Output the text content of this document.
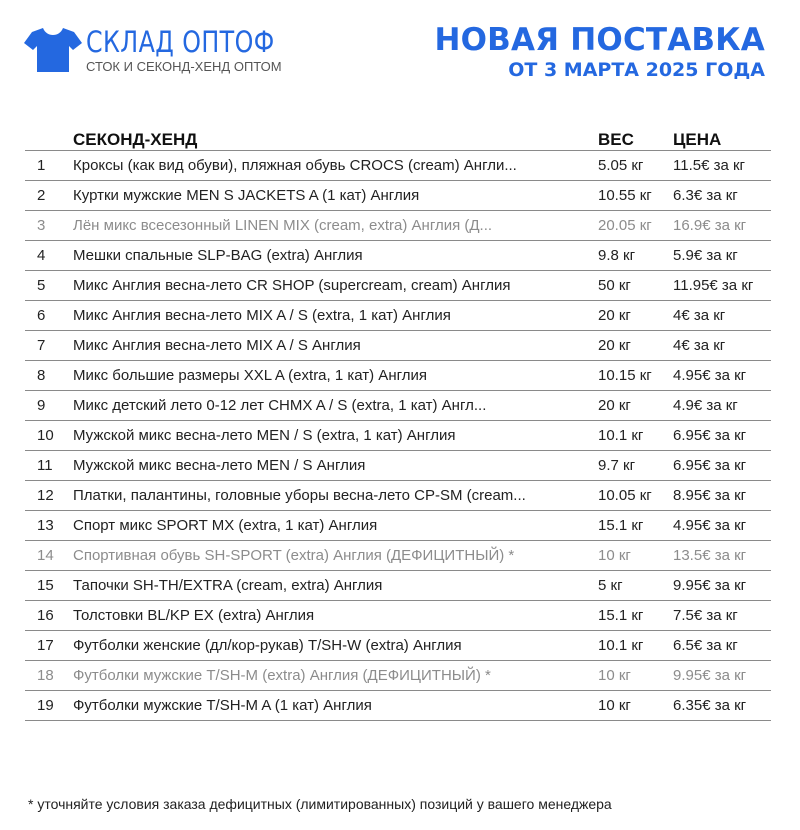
СКЛАД ОПТОФ
СТОК И СЕКОНД-ХЕНД ОПТОМ
НОВАЯ ПОСТАВКА
ОТ 3 МАРТА 2025 ГОДА
	СЕКОНД-ХЕНД	ВЕС	ЦЕНА
1	Кроксы (как вид обуви), пляжная обувь CROCS (cream) Англи...	5.05 кг	11.5€ за кг
2	Куртки мужские MEN S JACKETS A (1 кат) Англия	10.55 кг	6.3€ за кг
3	Лён микс всесезонный LINEN MIX (cream, extra) Англия (Д...	20.05 кг	16.9€ за кг
4	Мешки спальные SLP-BAG (extra) Англия	9.8 кг	5.9€ за кг
5	Микс Англия весна-лето CR SHOP (supercream, cream) Англия	50 кг	11.95€ за кг
6	Микс Англия весна-лето MIX A / S (extra, 1 кат) Англия	20 кг	4€ за кг
7	Микс Англия весна-лето MIX A / S Англия	20 кг	4€ за кг
8	Микс большие размеры XXL A (extra, 1 кат) Англия	10.15 кг	4.95€ за кг
9	Микс детский лето 0-12 лет CHMX A / S (extra, 1 кат) Англ...	20 кг	4.9€ за кг
10	Мужской микс весна-лето MEN / S (extra, 1 кат) Англия	10.1 кг	6.95€ за кг
11	Мужской микс весна-лето MEN / S Англия	9.7 кг	6.95€ за кг
12	Платки, палантины, головные уборы весна-лето CP-SM (cream...	10.05 кг	8.95€ за кг
13	Спорт микс SPORT MX (extra, 1 кат) Англия	15.1 кг	4.95€ за кг
14	Спортивная обувь SH-SPORT (extra) Англия (ДЕФИЦИТНЫЙ) *	10 кг	13.5€ за кг
15	Тапочки SH-TH/EXTRA (cream, extra) Англия	5 кг	9.95€ за кг
16	Толстовки BL/KP EX (extra) Англия	15.1 кг	7.5€ за кг
17	Футболки женские (дл/кор-рукав) T/SH-W (extra) Англия	10.1 кг	6.5€ за кг
18	Футболки мужские T/SH-M (extra) Англия (ДЕФИЦИТНЫЙ) *	10 кг	9.95€ за кг
19	Футболки мужские T/SH-M A (1 кат) Англия	10 кг	6.35€ за кг
* уточняйте условия заказа дефицитных (лимитированных) позиций у вашего менеджера
